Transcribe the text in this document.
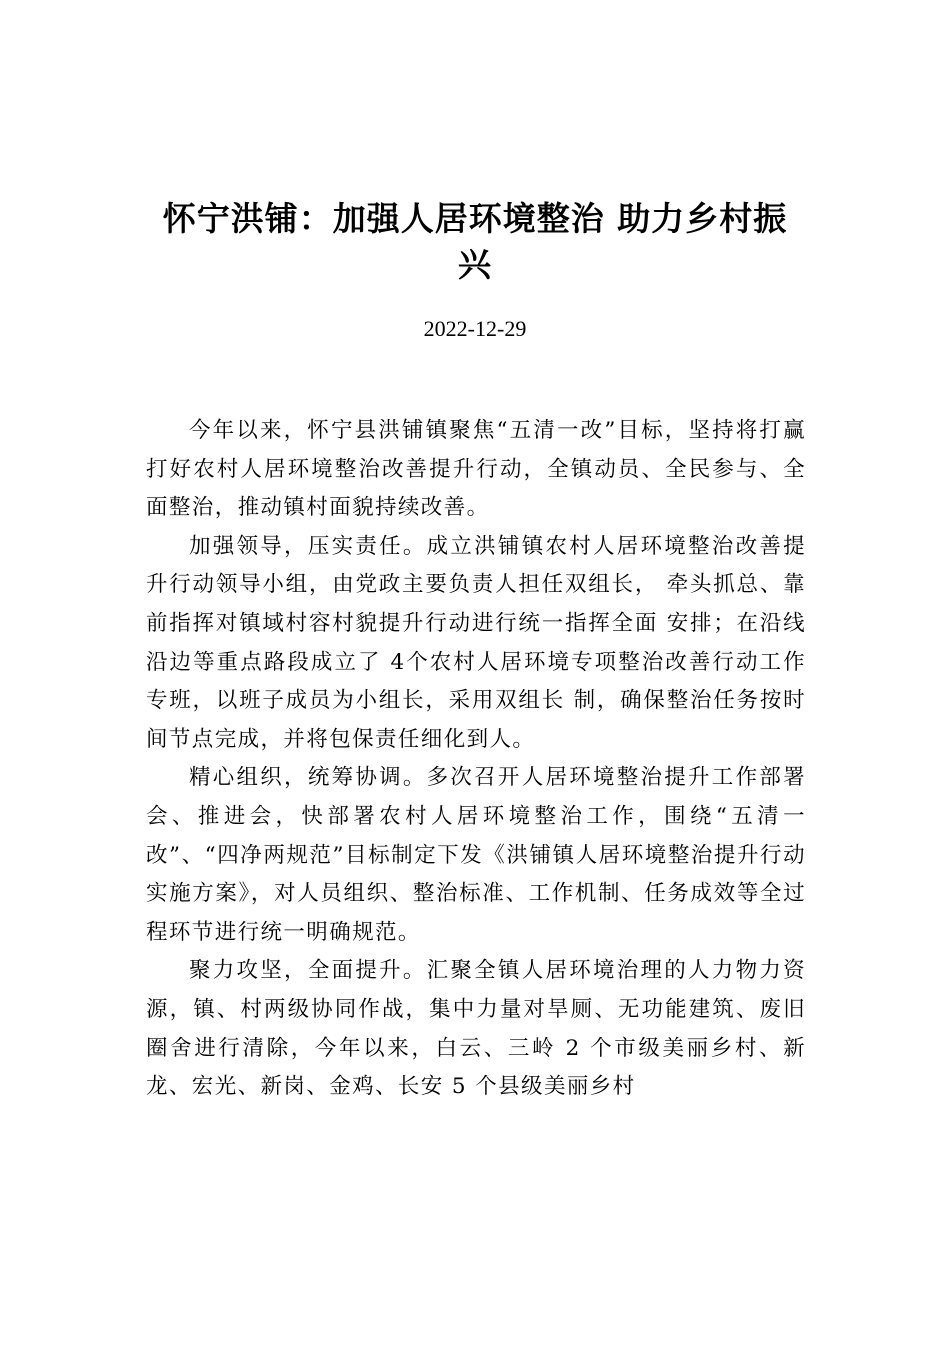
怀宁洪铺：加强人居环境整治 助力乡村振兴

2022-12-29

今年以来，怀宁县洪铺镇聚焦“五清一改”目标，坚持将打赢打好农村人居环境整治改善提升行动，全镇动员、全民参与、全面整治，推动镇村面貌持续改善。

加强领导，压实责任。成立洪铺镇农村人居环境整治改善提升行动领导小组，由党政主要负责人担任双组长， 牵头抓总、靠前指挥对镇域村容村貌提升行动进行统一指挥全面 安排；在沿线沿边等重点路段成立了 4个农村人居环境专项整治改善行动工作专班，以班子成员为小组长，采用双组长 制，确保整治任务按时间节点完成，并将包保责任细化到人。

精心组织，统筹协调。多次召开人居环境整治提升工作部署会、推进会，快部署农村人居环境整治工作，围绕“五清一改”、“四净两规范”目标制定下发《洪铺镇人居环境整治提升行动实施方案》，对人员组织、整治标准、工作机制、任务成效等全过程环节进行统一明确规范。

聚力攻坚，全面提升。汇聚全镇人居环境治理的人力物力资源，镇、村两级协同作战，集中力量对旱厕、无功能建筑、废旧圈舍进行清除，今年以来，白云、三岭 2 个市级美丽乡村、新龙、宏光、新岗、金鸡、长安 5 个县级美丽乡村
